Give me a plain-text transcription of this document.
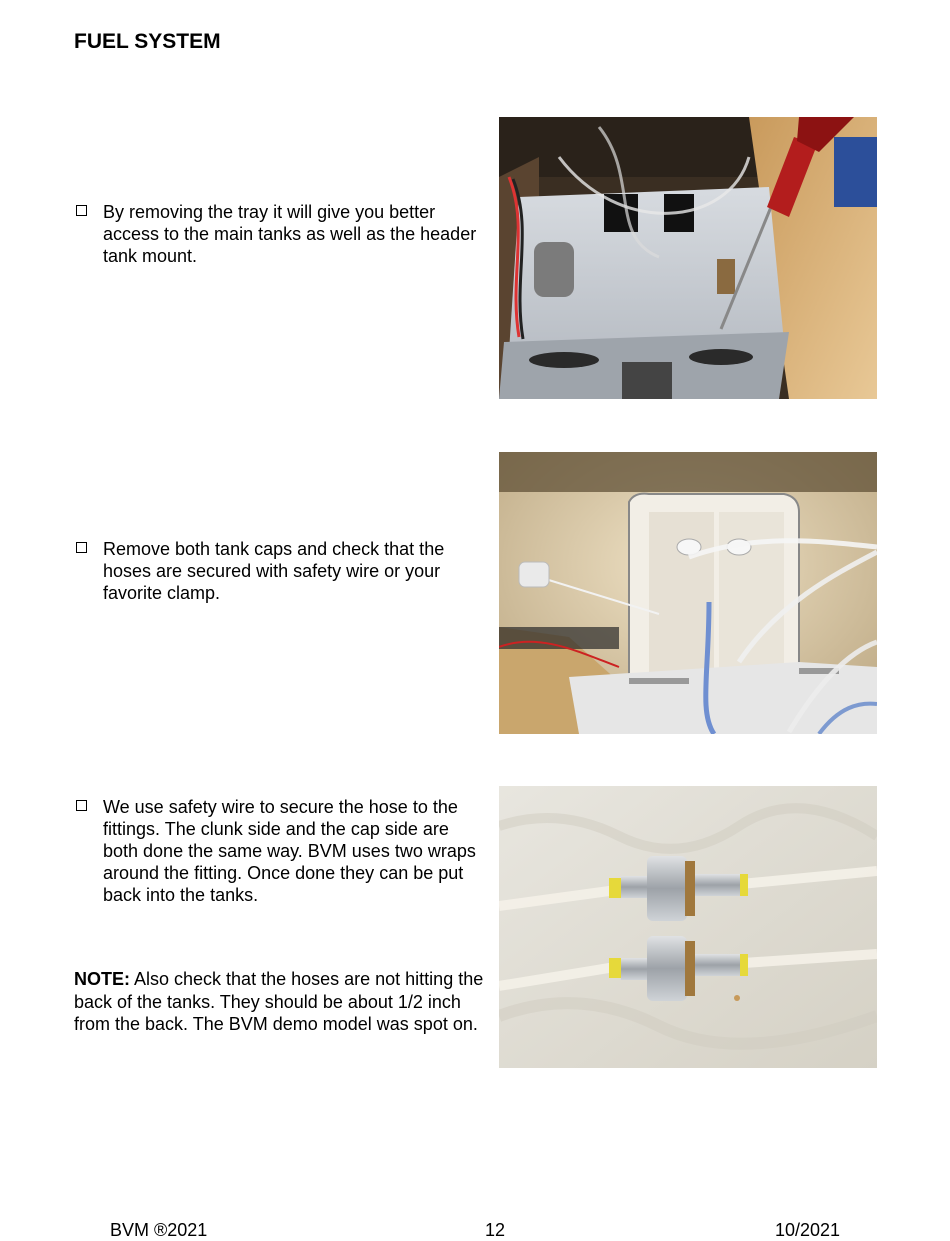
FUEL SYSTEM
By removing the tray it will give you better access to the main tanks as well as the header tank mount.
Remove both tank caps and check that the hoses are secured with safety wire or your favorite clamp.
We use safety wire to secure the hose to the fittings. The clunk side and the cap side are both done the same way. BVM uses two wraps around the fitting. Once done they can be put back into the tanks.
NOTE: Also check that the hoses are not hitting the back of the tanks. They should be about 1/2 inch from the back. The BVM demo model was spot on.
BVM ®2021	12	10/2021
